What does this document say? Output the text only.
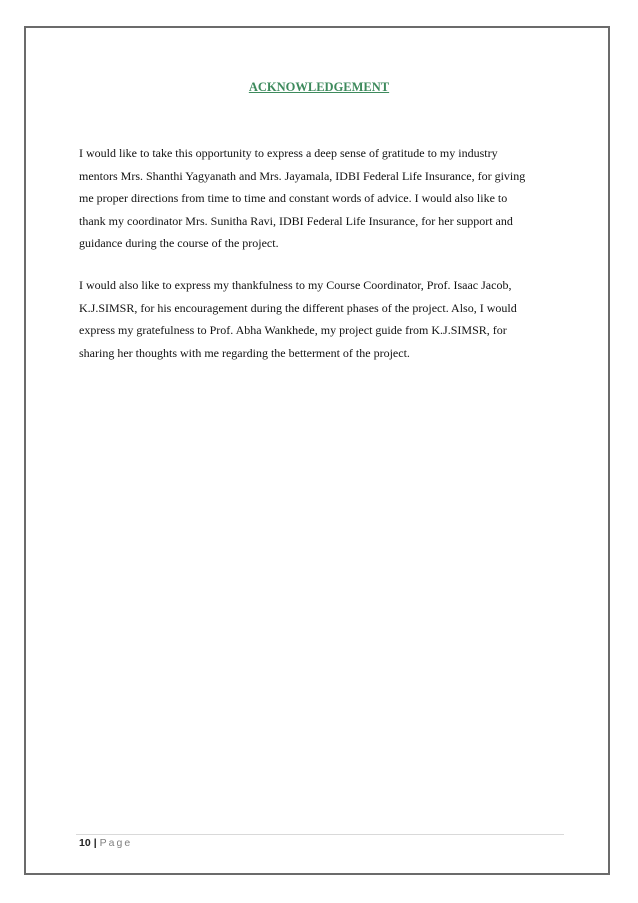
ACKNOWLEDGEMENT

I would like to take this opportunity to express a deep sense of gratitude to my industry
mentors Mrs. Shanthi Yagyanath and Mrs. Jayamala, IDBI Federal Life Insurance, for giving
me proper directions from time to time and constant words of advice. I would also like to
thank my coordinator Mrs. Sunitha Ravi, IDBI Federal Life Insurance, for her support and
guidance during the course of the project.

I would also like to express my thankfulness to my Course Coordinator, Prof. Isaac Jacob,
K.J.SIMSR, for his encouragement during the different phases of the project. Also, I would
express my gratefulness to Prof. Abha Wankhede, my project guide from K.J.SIMSR, for
sharing her thoughts with me regarding the betterment of the project.

10 | Page
